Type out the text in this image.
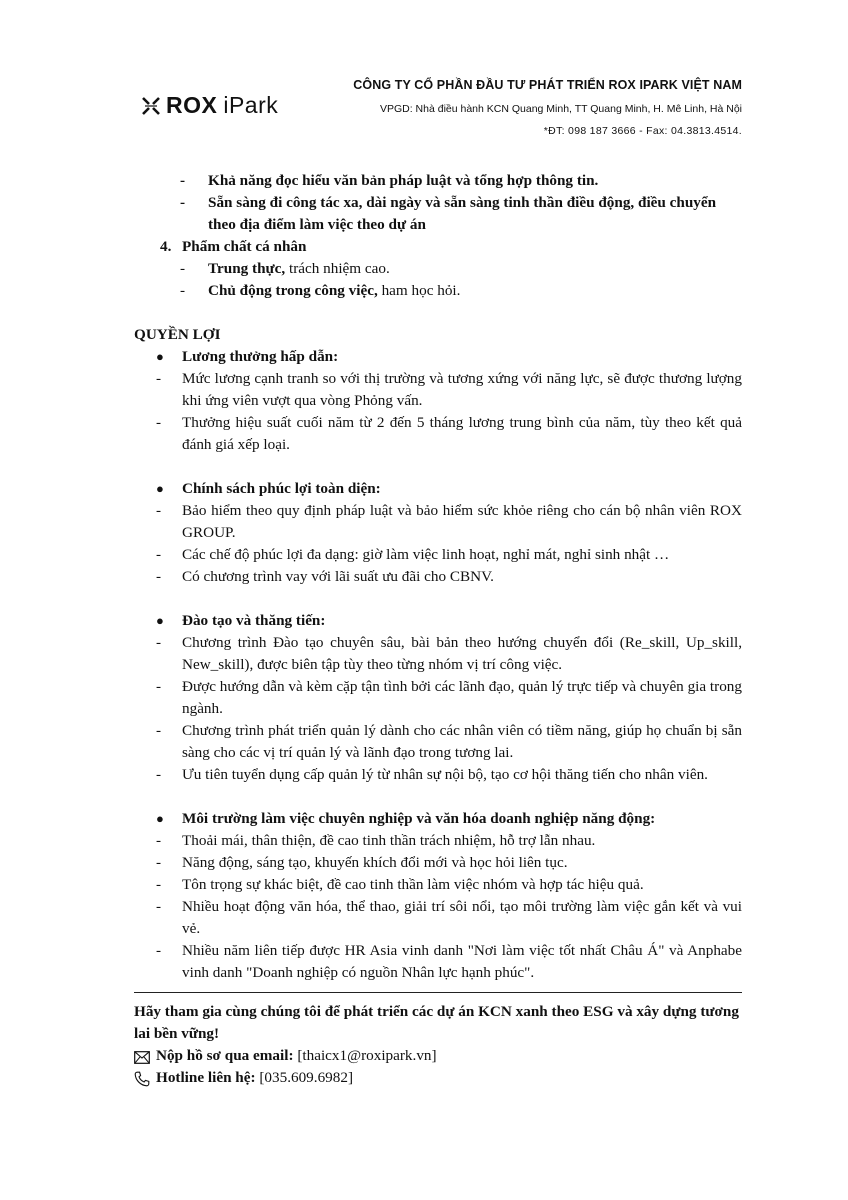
ROX iPark
CÔNG TY CỔ PHẦN ĐẦU TƯ PHÁT TRIỂN ROX IPARK VIỆT NAM
VPGD: Nhà điều hành KCN Quang Minh, TT Quang Minh, H. Mê Linh, Hà Nội
*ĐT: 098 187 3666 - Fax: 04.3813.4514.
- Khả năng đọc hiểu văn bản pháp luật và tổng hợp thông tin.
- Sẵn sàng đi công tác xa, dài ngày và sẵn sàng tinh thần điều động, điều chuyển theo địa điểm làm việc theo dự án
4. Phẩm chất cá nhân
- Trung thực, trách nhiệm cao.
- Chủ động trong công việc, ham học hỏi.
QUYỀN LỢI
● Lương thưởng hấp dẫn:
- Mức lương cạnh tranh so với thị trường và tương xứng với năng lực, sẽ được thương lượng khi ứng viên vượt qua vòng Phỏng vấn.
- Thưởng hiệu suất cuối năm từ 2 đến 5 tháng lương trung bình của năm, tùy theo kết quả đánh giá xếp loại.
● Chính sách phúc lợi toàn diện:
- Bảo hiểm theo quy định pháp luật và bảo hiểm sức khỏe riêng cho cán bộ nhân viên ROX GROUP.
- Các chế độ phúc lợi đa dạng: giờ làm việc linh hoạt, nghỉ mát, nghỉ sinh nhật …
- Có chương trình vay với lãi suất ưu đãi cho CBNV.
● Đào tạo và thăng tiến:
- Chương trình Đào tạo chuyên sâu, bài bản theo hướng chuyển đổi (Re_skill, Up_skill, New_skill), được biên tập tùy theo từng nhóm vị trí công việc.
- Được hướng dẫn và kèm cặp tận tình bởi các lãnh đạo, quản lý trực tiếp và chuyên gia trong ngành.
- Chương trình phát triển quản lý dành cho các nhân viên có tiềm năng, giúp họ chuẩn bị sẵn sàng cho các vị trí quản lý và lãnh đạo trong tương lai.
- Ưu tiên tuyển dụng cấp quản lý từ nhân sự nội bộ, tạo cơ hội thăng tiến cho nhân viên.
● Môi trường làm việc chuyên nghiệp và văn hóa doanh nghiệp năng động:
- Thoải mái, thân thiện, đề cao tinh thần trách nhiệm, hỗ trợ lẫn nhau.
- Năng động, sáng tạo, khuyến khích đổi mới và học hỏi liên tục.
- Tôn trọng sự khác biệt, đề cao tinh thần làm việc nhóm và hợp tác hiệu quả.
- Nhiều hoạt động văn hóa, thể thao, giải trí sôi nổi, tạo môi trường làm việc gắn kết và vui vẻ.
- Nhiều năm liên tiếp được HR Asia vinh danh "Nơi làm việc tốt nhất Châu Á" và Anphabe vinh danh "Doanh nghiệp có nguồn Nhân lực hạnh phúc".
Hãy tham gia cùng chúng tôi để phát triển các dự án KCN xanh theo ESG và xây dựng tương lai bền vững!
Nộp hồ sơ qua email: [thaicx1@roxipark.vn]
Hotline liên hệ: [035.609.6982]
